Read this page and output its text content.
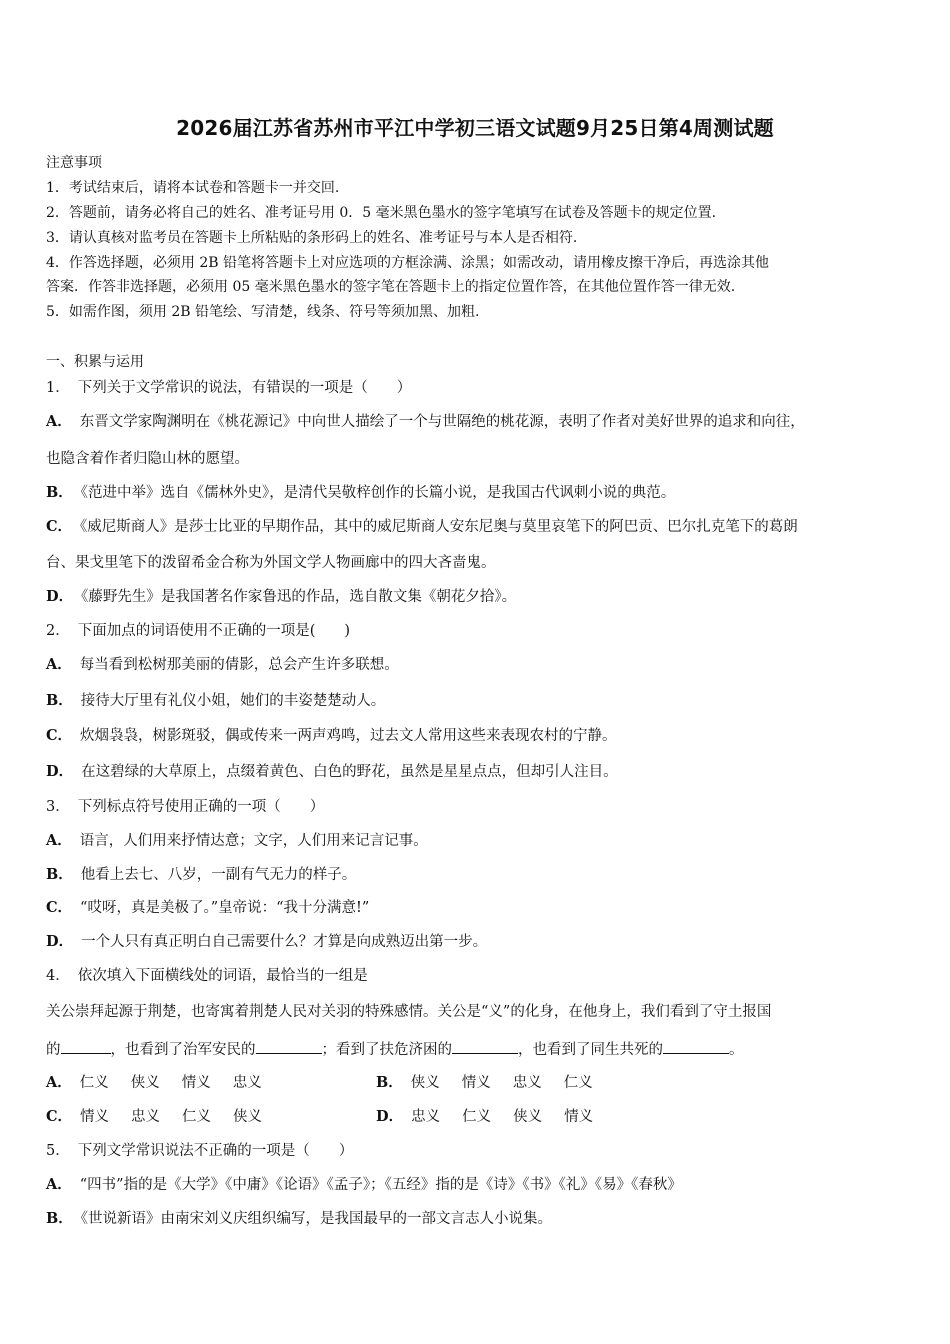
2026届江苏省苏州市平江中学初三语文试题9月25日第4周测试题
注意事项
1．考试结束后，请将本试卷和答题卡一并交回.
2．答题前，请务必将自己的姓名、准考证号用 0．5 毫米黑色墨水的签字笔填写在试卷及答题卡的规定位置.
3．请认真核对监考员在答题卡上所粘贴的条形码上的姓名、准考证号与本人是否相符.
4．作答选择题，必须用 2B 铅笔将答题卡上对应选项的方框涂满、涂黑；如需改动，请用橡皮擦干净后，再选涂其他
答案．作答非选择题，必须用 05 毫米黑色墨水的签字笔在答题卡上的指定位置作答，在其他位置作答一律无效.
5．如需作图，须用 2B 铅笔绘、写清楚，线条、符号等须加黑、加粗.
一、积累与运用
1． 下列关于文学常识的说法，有错误的一项是（　　）
A． 东晋文学家陶渊明在《桃花源记》中向世人描绘了一个与世隔绝的桃花源，表明了作者对美好世界的追求和向往，
也隐含着作者归隐山林的愿望。
B． 《范进中举》选自《儒林外史》，是清代吴敬梓创作的长篇小说，是我国古代讽刺小说的典范。
C． 《威尼斯商人》是莎士比亚的早期作品，其中的威尼斯商人安东尼奥与莫里哀笔下的阿巴贡、巴尔扎克笔下的葛朗
台、果戈里笔下的泼留希金合称为外国文学人物画廊中的四大吝啬鬼。
D． 《藤野先生》是我国著名作家鲁迅的作品，选自散文集《朝花夕拾》。
2． 下面加点的词语使用不正确的一项是(　　)
A． 每当看到松树那美丽的倩影，总会产生许多联想。
B． 接待大厅里有礼仪小姐，她们的丰姿楚楚动人。
C． 炊烟袅袅，树影斑驳，偶或传来一两声鸡鸣，过去文人常用这些来表现农村的宁静。
D． 在这碧绿的大草原上，点缀着黄色、白色的野花，虽然是星星点点，但却引人注目。
3． 下列标点符号使用正确的一项（　　）
A． 语言，人们用来抒情达意；文字，人们用来记言记事。
B． 他看上去七、八岁，一副有气无力的样子。
C． “哎呀，真是美极了。”皇帝说：“我十分满意!”
D． 一个人只有真正明白自己需要什么？才算是向成熟迈出第一步。
4． 依次填入下面横线处的词语，最恰当的一组是
关公崇拜起源于荆楚，也寄寓着荆楚人民对关羽的特殊感情。关公是“义”的化身，在他身上，我们看到了守土报国
的	，也看到了治军安民的	；看到了扶危济困的	，也看到了同生共死的	。
A． 仁义 侠义 情义 忠义	B． 侠义 情义 忠义 仁义
C． 情义 忠义 仁义 侠义	D． 忠义 仁义 侠义 情义
5． 下列文学常识说法不正确的一项是（　　）
A． “四书”指的是《大学》《中庸》《论语》《孟子》；《五经》指的是《诗》《书》《礼》《易》《春秋》
B． 《世说新语》由南宋刘义庆组织编写，是我国最早的一部文言志人小说集。
